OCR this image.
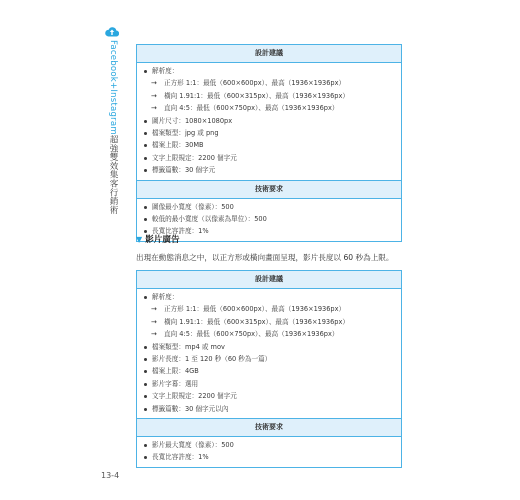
Facebook+Instagram超強雙效集客行銷術
設計建議
解析度：
→ 正方形 1:1：最低（600×600px）、最高（1936×1936px）
→ 橫向 1.91:1：最低（600×315px）、最高（1936×1936px）
→ 直向 4:5：最低（600×750px）、最高（1936×1936px）
圖片尺寸：1080×1080px
檔案類型：jpg 或 png
檔案上限：30MB
文字上限規定：2200 個字元
標籤篇數：30 個字元
技術要求
圖像最小寬度（像素）：500
較低的最小寬度（以像素為單位）：500
長寬比容許度：1%
▼ 影片廣告
出現在動態消息之中，以正方形或橫向畫面呈現，影片長度以 60 秒為上限。
設計建議
解析度：
→ 正方形 1:1：最低（600×600px）、最高（1936×1936px）
→ 橫向 1.91:1：最低（600×315px）、最高（1936×1936px）
→ 直向 4:5：最低（600×750px）、最高（1936×1936px）
檔案類型：mp4 或 mov
影片長度：1 至 120 秒（60 秒為一篇）
檔案上限：4GB
影片字幕：選用
文字上限規定：2200 個字元
標籤篇數：30 個字元以內
技術要求
影片最大寬度（像素）：500
長寬比容許度：1%
13-4
